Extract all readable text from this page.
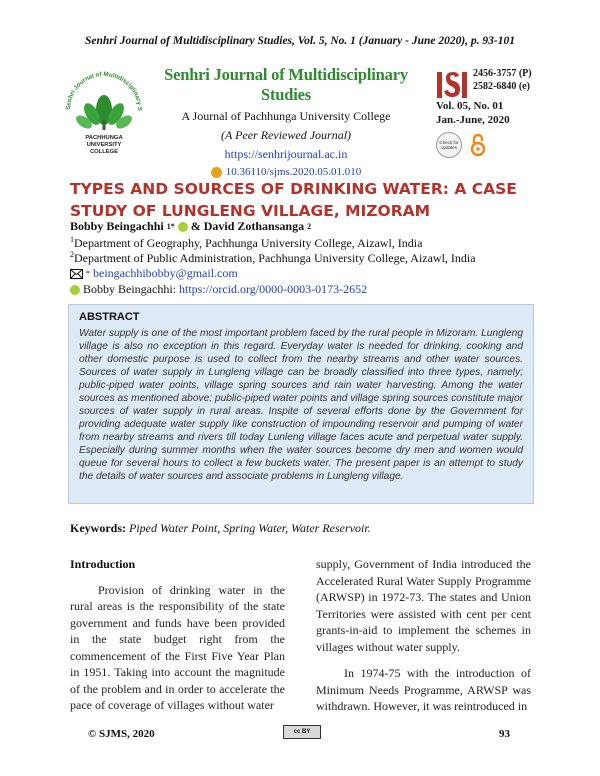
Senhri Journal of Multidisciplinary Studies, Vol. 5, No. 1 (January - June 2020), p. 93-101
Senhri Journal of Multidisciplinary S
PACHHUNGA
UNIVERSITY
COLLEGE
Senhri Journal of Multidisciplinary Studies
A Journal of Pachhunga University College
(A Peer Reviewed Journal)
https://senhrijournal.ac.in
10.36110/sjms.2020.05.01.010
2456-3757 (P)
2582-6840 (e)
Vol. 05, No. 01
Jan.-June, 2020
Check for updates
TYPES AND SOURCES OF DRINKING WATER: A CASE STUDY OF LUNGLENG VILLAGE, MIZORAM
Bobby Beingachhi 1* & David Zothansanga 2
$^1$Department of Geography, Pachhunga University College, Aizawl, India
$^2$Department of Public Administration, Pachhunga University College, Aizawl, India
* beingachhibobby@gmail.com
Bobby Beingachhi: https://orcid.org/0000-0003-0173-2652
ABSTRACT
Water supply is one of the most important problem faced by the rural people in Mizoram. Lungleng village is also no exception in this regard. Everyday water is needed for drinking, cooking and other domestic purpose is used to collect from the nearby streams and other water sources. Sources of water supply in Lungleng village can be broadly classified into three types, namely; public-piped water points, village spring sources and rain water harvesting. Among the water sources as mentioned above; public-piped water points and village spring sources constitute major sources of water supply in rural areas. Inspite of several efforts done by the Government for providing adequate water supply like construction of impounding reservoir and pumping of water from nearby streams and rivers till today Lunleng village faces acute and perpetual water supply. Especially during summer months when the water sources become dry men and women would queue for several hours to collect a few buckets water. The present paper is an attempt to study the details of water sources and associate problems in Lungleng village.
Keywords: Piped Water Point, Spring Water, Water Reservoir.
Introduction
Provision of drinking water in the rural areas is the responsibility of the state government and funds have been provided in the state budget right from the commencement of the First Five Year Plan in 1951. Taking into account the magnitude of the problem and in order to accelerate the pace of coverage of villages without water
supply, Government of India introduced the Accelerated Rural Water Supply Programme (ARWSP) in 1972-73. The states and Union Territories were assisted with cent per cent grants-in-aid to implement the schemes in villages without water supply.
In 1974-75 with the introduction of Minimum Needs Programme, ARWSP was withdrawn. However, it was reintroduced in
© SJMS, 2020	cc BY	93
